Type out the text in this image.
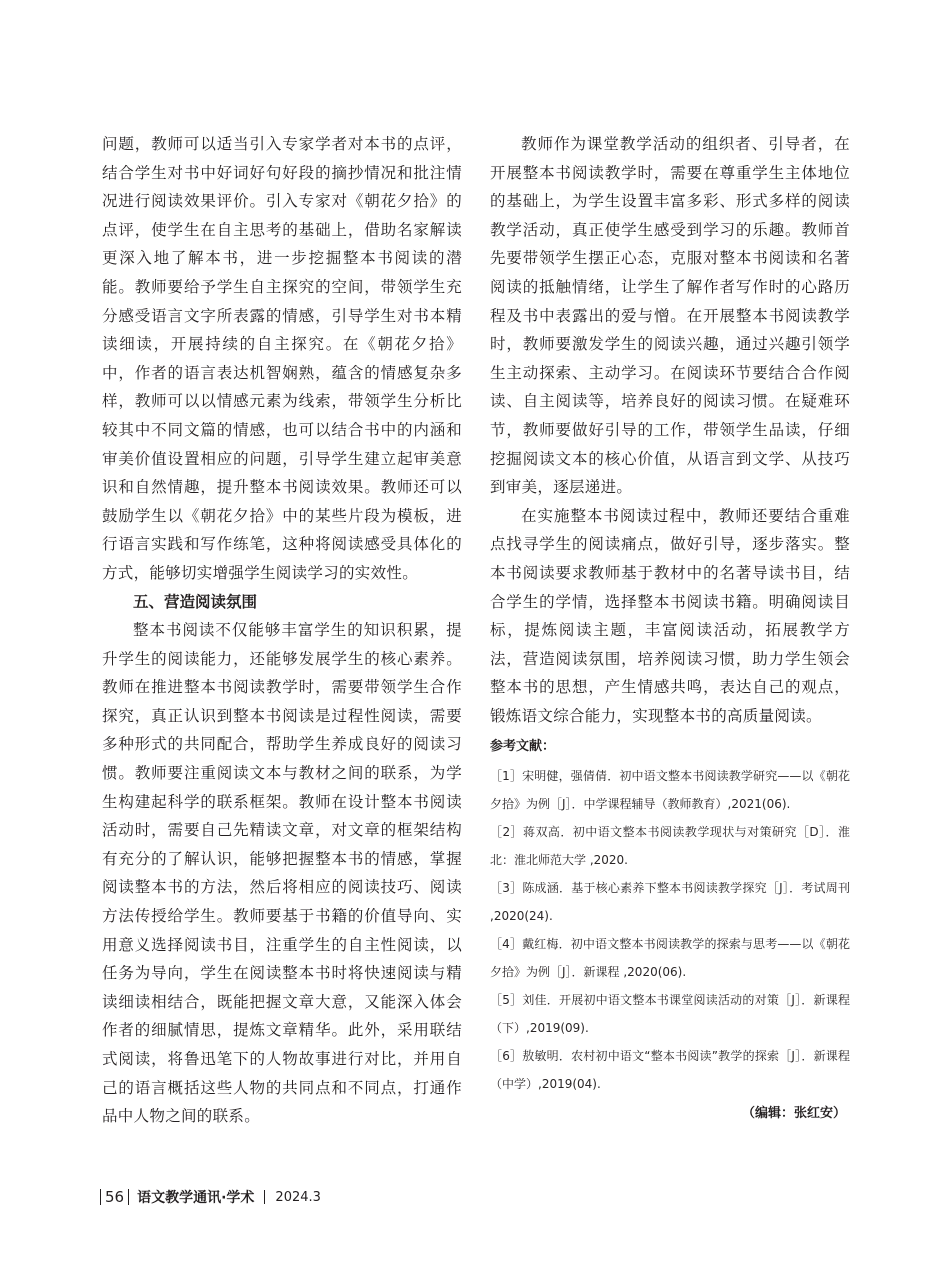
问题，教师可以适当引入专家学者对本书的点评，结合学生对书中好词好句好段的摘抄情况和批注情况进行阅读效果评价。引入专家对《朝花夕拾》的点评，使学生在自主思考的基础上，借助名家解读更深入地了解本书，进一步挖掘整本书阅读的潜能。教师要给予学生自主探究的空间，带领学生充分感受语言文字所表露的情感，引导学生对书本精读细读，开展持续的自主探究。在《朝花夕拾》中，作者的语言表达机智娴熟，蕴含的情感复杂多样，教师可以以情感元素为线索，带领学生分析比较其中不同文篇的情感，也可以结合书中的内涵和审美价值设置相应的问题，引导学生建立起审美意识和自然情趣，提升整本书阅读效果。教师还可以鼓励学生以《朝花夕拾》中的某些片段为模板，进行语言实践和写作练笔，这种将阅读感受具体化的方式，能够切实增强学生阅读学习的实效性。

五、营造阅读氛围

整本书阅读不仅能够丰富学生的知识积累，提升学生的阅读能力，还能够发展学生的核心素养。教师在推进整本书阅读教学时，需要带领学生合作探究，真正认识到整本书阅读是过程性阅读，需要多种形式的共同配合，帮助学生养成良好的阅读习惯。教师要注重阅读文本与教材之间的联系，为学生构建起科学的联系框架。教师在设计整本书阅读活动时，需要自己先精读文章，对文章的框架结构有充分的了解认识，能够把握整本书的情感，掌握阅读整本书的方法，然后将相应的阅读技巧、阅读方法传授给学生。教师要基于书籍的价值导向、实用意义选择阅读书目，注重学生的自主性阅读，以任务为导向，学生在阅读整本书时将快速阅读与精读细读相结合，既能把握文章大意，又能深入体会作者的细腻情思，提炼文章精华。此外，采用联结式阅读，将鲁迅笔下的人物故事进行对比，并用自己的语言概括这些人物的共同点和不同点，打通作品中人物之间的联系。

教师作为课堂教学活动的组织者、引导者，在开展整本书阅读教学时，需要在尊重学生主体地位的基础上，为学生设置丰富多彩、形式多样的阅读教学活动，真正使学生感受到学习的乐趣。教师首先要带领学生摆正心态，克服对整本书阅读和名著阅读的抵触情绪，让学生了解作者写作时的心路历程及书中表露出的爱与憎。在开展整本书阅读教学时，教师要激发学生的阅读兴趣，通过兴趣引领学生主动探索、主动学习。在阅读环节要结合合作阅读、自主阅读等，培养良好的阅读习惯。在疑难环节，教师要做好引导的工作，带领学生品读，仔细挖掘阅读文本的核心价值，从语言到文学、从技巧到审美，逐层递进。

在实施整本书阅读过程中，教师还要结合重难点找寻学生的阅读痛点，做好引导，逐步落实。整本书阅读要求教师基于教材中的名著导读书目，结合学生的学情，选择整本书阅读书籍。明确阅读目标，提炼阅读主题，丰富阅读活动，拓展教学方法，营造阅读氛围，培养阅读习惯，助力学生领会整本书的思想，产生情感共鸣，表达自己的观点，锻炼语文综合能力，实现整本书的高质量阅读。

参考文献：
［1］宋明健，强倩倩．初中语文整本书阅读教学研究——以《朝花夕拾》为例［J］．中学课程辅导（教师教育）,2021(06).
［2］蒋双高．初中语文整本书阅读教学现状与对策研究［D］．淮北：淮北师范大学 ,2020.
［3］陈成涵．基于核心素养下整本书阅读教学探究［J］．考试周刊 ,2020(24).
［4］戴红梅．初中语文整本书阅读教学的探索与思考——以《朝花夕拾》为例［J］．新课程 ,2020(06).
［5］刘佳．开展初中语文整本书课堂阅读活动的对策［J］．新课程（下）,2019(09).
［6］敖敏明．农村初中语文“整本书阅读”教学的探索［J］．新课程（中学）,2019(04).
（编辑：张红安）
56 语文教学通讯·学术 2024.3
